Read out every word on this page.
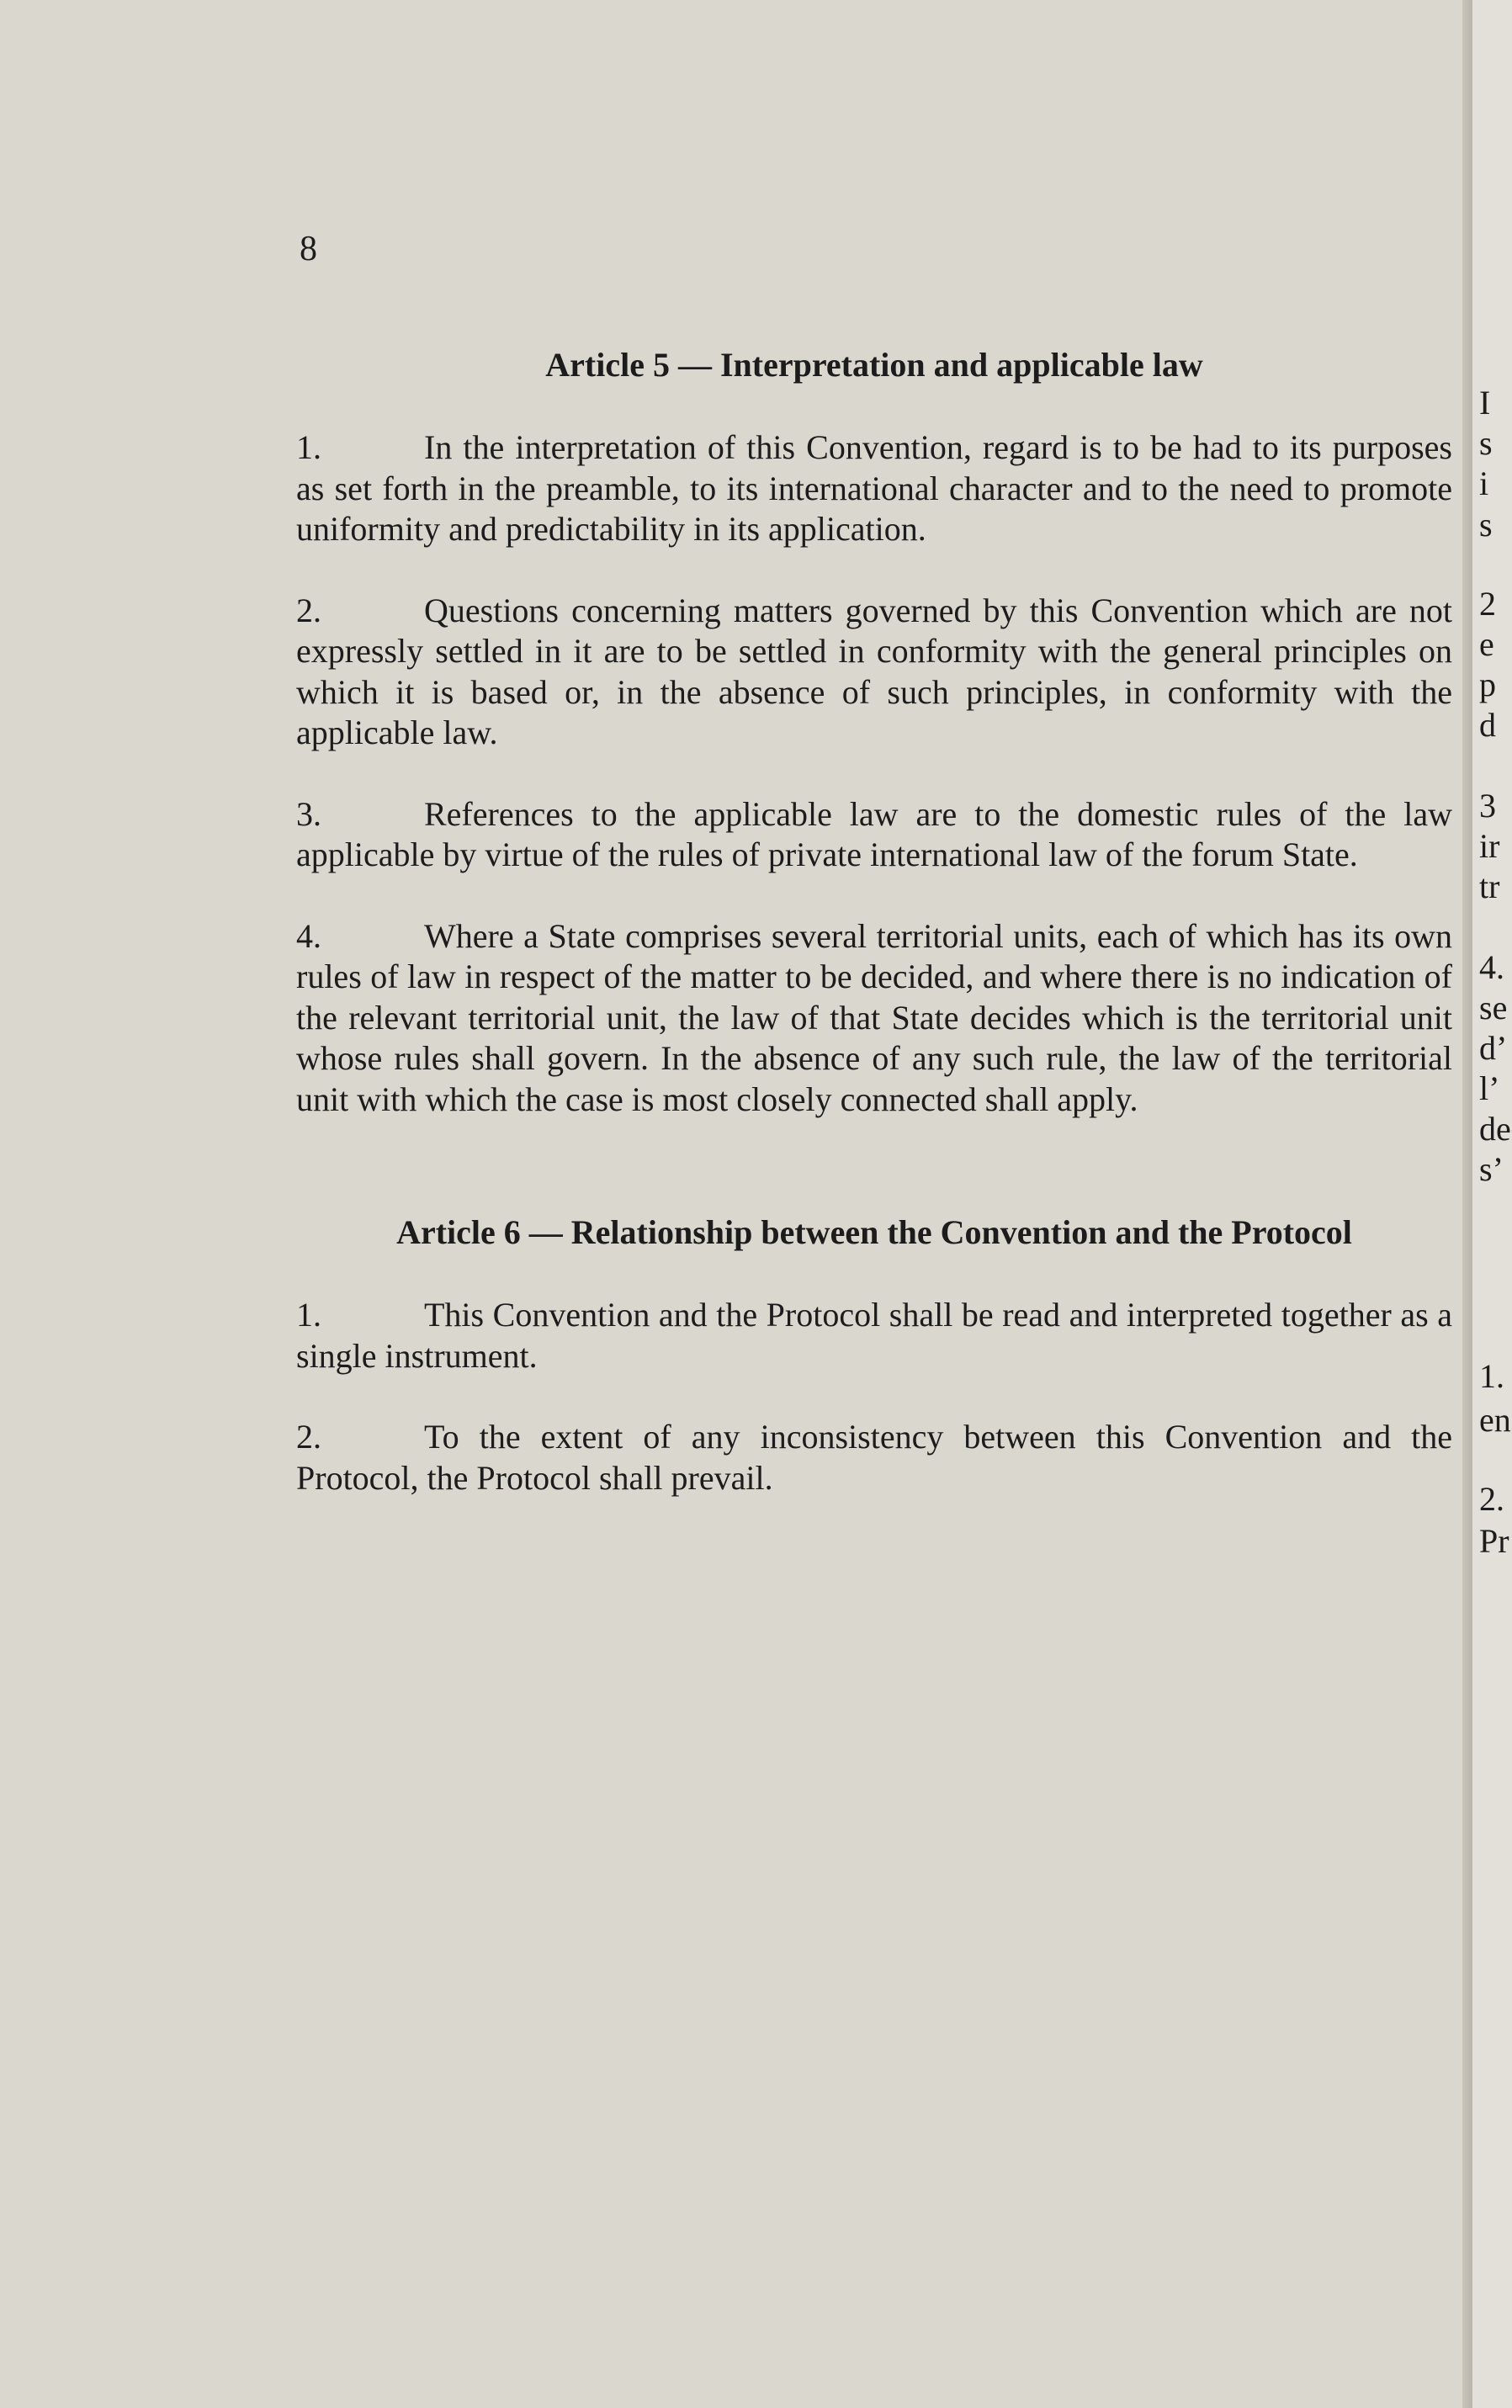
8
Article 5 — Interpretation and applicable law

1.	In the interpretation of this Convention, regard is to be had to its purposes as set forth in the preamble, to its international character and to the need to promote uniformity and predictability in its application.

2.	Questions concerning matters governed by this Convention which are not expressly settled in it are to be settled in conformity with the general principles on which it is based or, in the absence of such principles, in conformity with the applicable law.

3.	References to the applicable law are to the domestic rules of the law applicable by virtue of the rules of private international law of the forum State.

4.	Where a State comprises several territorial units, each of which has its own rules of law in respect of the matter to be decided, and where there is no indication of the relevant territorial unit, the law of that State decides which is the territorial unit whose rules shall govern. In the absence of any such rule, the law of the territorial unit with which the case is most closely connected shall apply.

Article 6 — Relationship between the Convention and the Protocol

1.	This Convention and the Protocol shall be read and interpreted together as a single instrument.

2.	To the extent of any inconsistency between this Convention and the Protocol, the Protocol shall prevail.

I
s
i
s
2
e
p
d
3
ir
tr
4.
se
d’
l’
de
s’
1.
en
2.
Pr
